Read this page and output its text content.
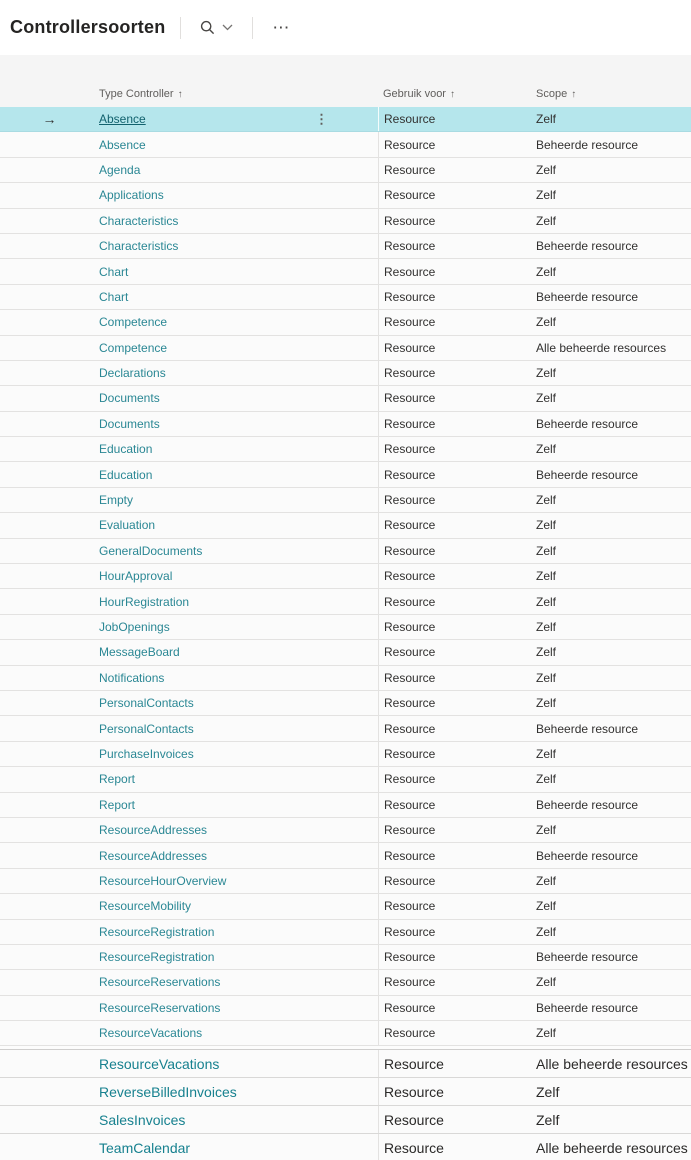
Controllersoorten	⋯
Type Controller ↑	Gebruik voor ↑	Scope ↑
→	Absence	⋮	Resource	Zelf
Absence	Resource	Beheerde resource
Agenda	Resource	Zelf
Applications	Resource	Zelf
Characteristics	Resource	Zelf
Characteristics	Resource	Beheerde resource
Chart	Resource	Zelf
Chart	Resource	Beheerde resource
Competence	Resource	Zelf
Competence	Resource	Alle beheerde resources
Declarations	Resource	Zelf
Documents	Resource	Zelf
Documents	Resource	Beheerde resource
Education	Resource	Zelf
Education	Resource	Beheerde resource
Empty	Resource	Zelf
Evaluation	Resource	Zelf
GeneralDocuments	Resource	Zelf
HourApproval	Resource	Zelf
HourRegistration	Resource	Zelf
JobOpenings	Resource	Zelf
MessageBoard	Resource	Zelf
Notifications	Resource	Zelf
PersonalContacts	Resource	Zelf
PersonalContacts	Resource	Beheerde resource
PurchaseInvoices	Resource	Zelf
Report	Resource	Zelf
Report	Resource	Beheerde resource
ResourceAddresses	Resource	Zelf
ResourceAddresses	Resource	Beheerde resource
ResourceHourOverview	Resource	Zelf
ResourceMobility	Resource	Zelf
ResourceRegistration	Resource	Zelf
ResourceRegistration	Resource	Beheerde resource
ResourceReservations	Resource	Zelf
ResourceReservations	Resource	Beheerde resource
ResourceVacations	Resource	Zelf
ResourceVacations	Resource	Alle beheerde resources
ReverseBilledInvoices	Resource	Zelf
SalesInvoices	Resource	Zelf
TeamCalendar	Resource	Alle beheerde resources
